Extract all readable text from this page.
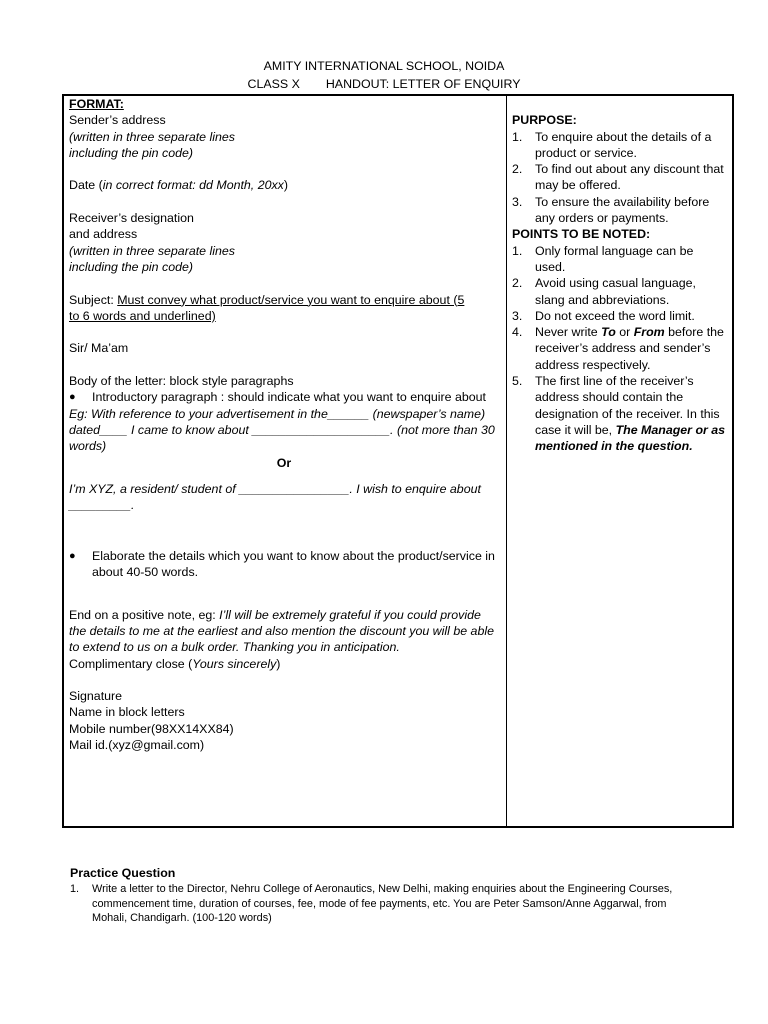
AMITY INTERNATIONAL SCHOOL, NOIDA
CLASS X HANDOUT: LETTER OF ENQUIRY
FORMAT:
Sender’s address
(written in three separate lines
including the pin code)
Date (in correct format: dd Month, 20xx)
Receiver’s designation
and address
(written in three separate lines
including the pin code)
Subject: Must convey what product/service you want to enquire about (5
to 6 words and underlined)
Sir/ Ma’am
Body of the letter: block style paragraphs
● Introductory paragraph : should indicate what you want to enquire about
Eg: With reference to your advertisement in the______ (newspaper’s name) dated____ I came to know about ____________________. (not more than 30 words)
Or
I’m XYZ, a resident/ student of ________________. I wish to enquire about _________.
● Elaborate the details which you want to know about the product/service in about 40-50 words.
End on a positive note, eg: I’ll will be extremely grateful if you could provide the details to me at the earliest and also mention the discount you will be able to extend to us on a bulk order. Thanking you in anticipation.
Complimentary close (Yours sincerely)
Signature
Name in block letters
Mobile number(98XX14XX84)
Mail id.(xyz@gmail.com)
PURPOSE:
1. To enquire about the details of a product or service.
2. To find out about any discount that may be offered.
3. To ensure the availability before any orders or payments.
POINTS TO BE NOTED:
1. Only formal language can be used.
2. Avoid using casual language, slang and abbreviations.
3. Do not exceed the word limit.
4. Never write To or From before the receiver’s address and sender’s address respectively.
5. The first line of the receiver’s address should contain the designation of the receiver. In this case it will be, The Manager or as mentioned in the question.
Practice Question
1. Write a letter to the Director, Nehru College of Aeronautics, New Delhi, making enquiries about the Engineering Courses, commencement time, duration of courses, fee, mode of fee payments, etc. You are Peter Samson/Anne Aggarwal, from Mohali, Chandigarh. (100-120 words)
